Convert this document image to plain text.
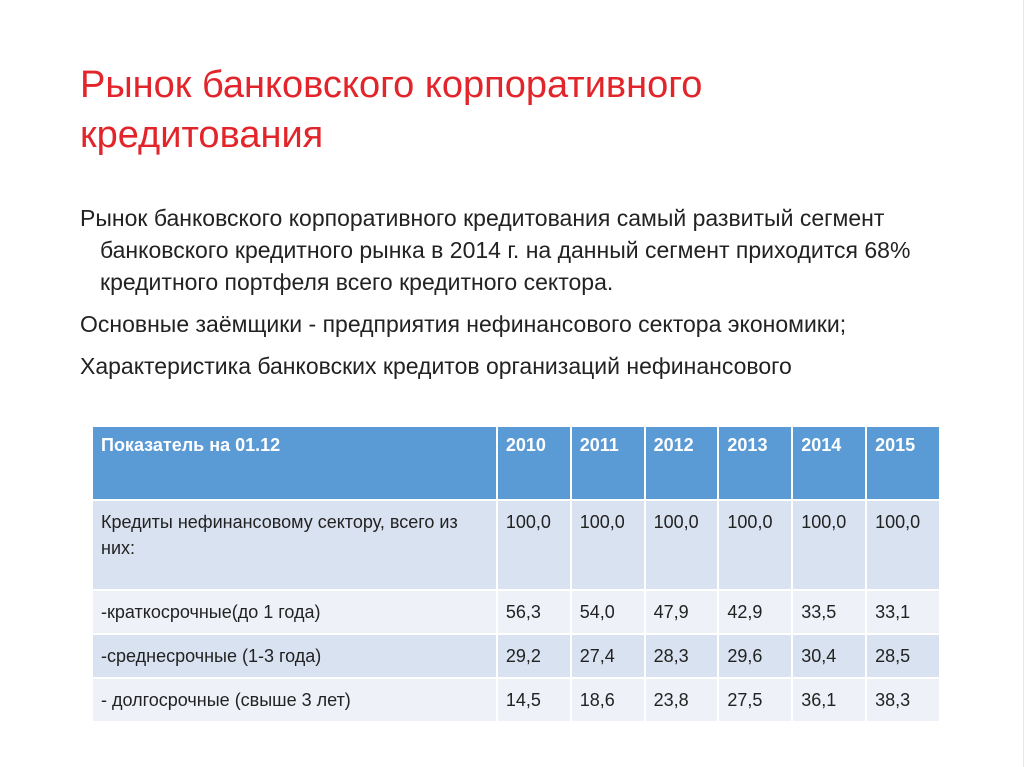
Рынок банковского корпоративного кредитования

Рынок банковского корпоративного кредитования самый развитый сегмент банковского кредитного рынка в 2014 г. на данный сегмент приходится 68% кредитного портфеля всего кредитного сектора.

Основные заёмщики - предприятия нефинансового сектора экономики;

Характеристика банковских кредитов организаций нефинансового

Показатель на 01.12	2010	2011	2012	2013	2014	2015
Кредиты нефинансовому сектору, всего из них:	100,0	100,0	100,0	100,0	100,0	100,0
-краткосрочные(до 1 года)	56,3	54,0	47,9	42,9	33,5	33,1
-среднесрочные (1-3 года)	29,2	27,4	28,3	29,6	30,4	28,5
- долгосрочные (свыше 3 лет)	14,5	18,6	23,8	27,5	36,1	38,3
